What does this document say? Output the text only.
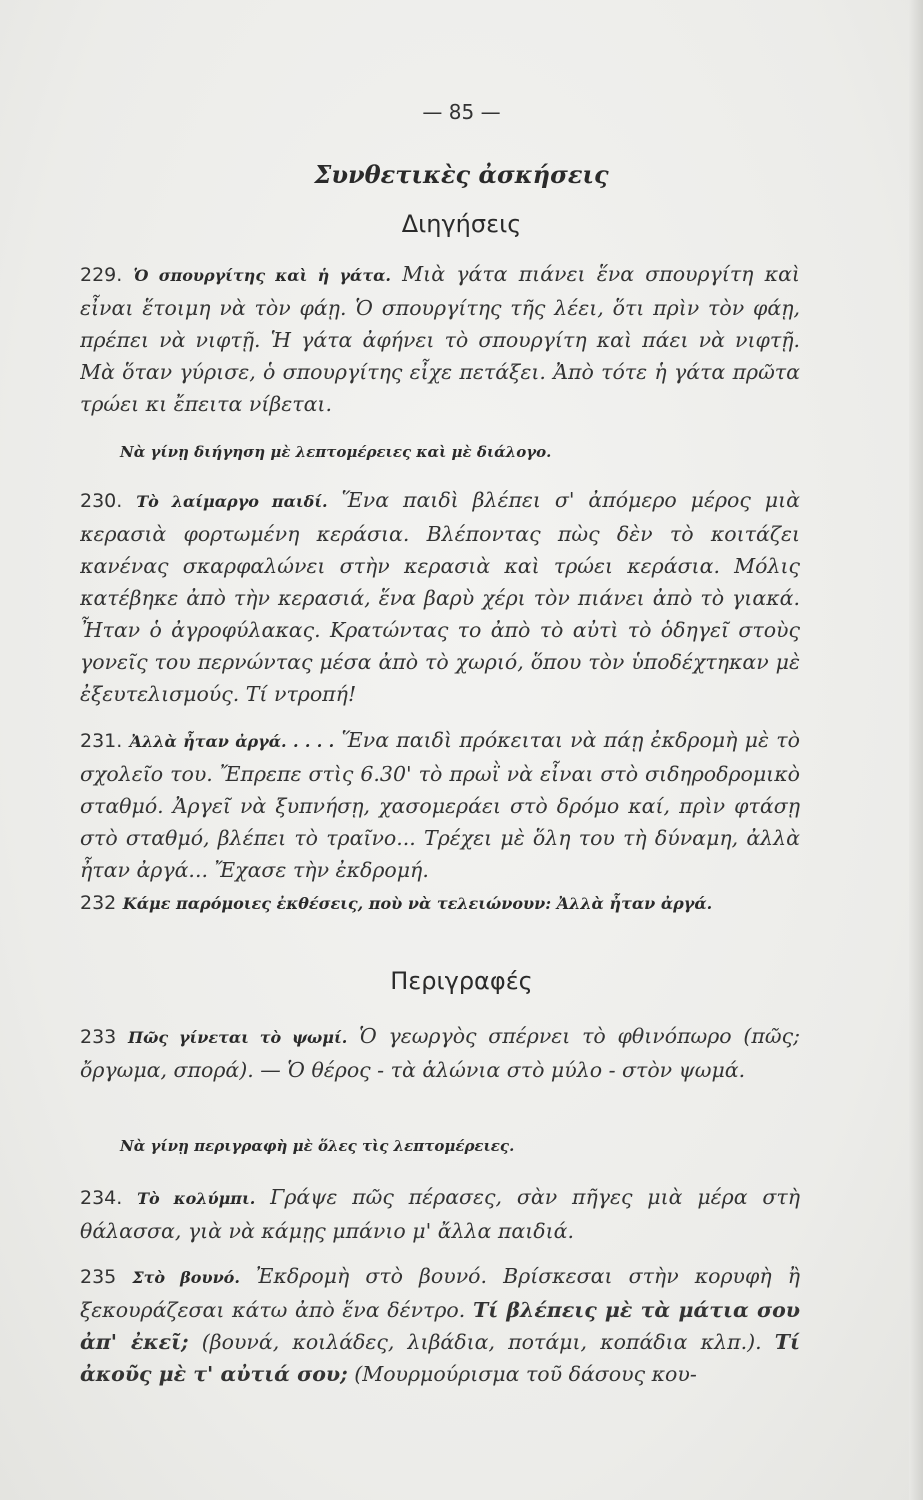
— 85 —
Συνθετικὲς ἀσκήσεις
Διηγήσεις
229. Ὁ σπουργίτης καὶ ἡ γάτα. Μιὰ γάτα πιάνει ἕνα σπουργίτη καὶ εἶναι ἕτοιμη νὰ τὸν φάῃ. Ὁ σπουργίτης τῆς λέει, ὅτι πρὶν τὸν φάῃ, πρέπει νὰ νιφτῇ. Ἡ γάτα ἀφήνει τὸ σπουργίτη καὶ πάει νὰ νιφτῇ. Μὰ ὅταν γύρισε, ὁ σπουργίτης εἶχε πετάξει. Ἀπὸ τότε ἡ γάτα πρῶτα τρώει κι ἔπειτα νίβεται.
Νὰ γίνῃ διήγηση μὲ λεπτομέρειες καὶ μὲ διάλογο.
230. Τὸ λαίμαργο παιδί. Ἕνα παιδὶ βλέπει σ' ἀπόμερο μέρος μιὰ κερασιὰ φορτωμένη κεράσια. Βλέποντας πὼς δὲν τὸ κοιτάζει κανένας σκαρφαλώνει στὴν κερασιὰ καὶ τρώει κεράσια. Μόλις κατέβηκε ἀπὸ τὴν κερασιά, ἕνα βαρὺ χέρι τὸν πιάνει ἀπὸ τὸ γιακά. Ἦταν ὁ ἀγροφύλακας. Κρατώντας το ἀπὸ τὸ αὐτὶ τὸ ὁδηγεῖ στοὺς γονεῖς του περνώντας μέσα ἀπὸ τὸ χωριό, ὅπου τὸν ὑποδέχτηκαν μὲ ἐξευτελισμούς. Τί ντροπή!
231. Ἀλλὰ ἦταν ἀργά. . . . . Ἕνα παιδὶ πρόκειται νὰ πάῃ ἐκδρομὴ μὲ τὸ σχολεῖο του. Ἔπρεπε στὶς 6.30' τὸ πρωῒ νὰ εἶναι στὸ σιδηροδρομικὸ σταθμό. Ἀργεῖ νὰ ξυπνήσῃ, χασομεράει στὸ δρόμο καί, πρὶν φτάσῃ στὸ σταθμό, βλέπει τὸ τραῖνο... Τρέχει μὲ ὅλη του τὴ δύναμη, ἀλλὰ ἦταν ἀργά... Ἔχασε τὴν ἐκδρομή.
232 Κάμε παρόμοιες ἐκθέσεις, ποὺ νὰ τελειώνουν: Ἀλλὰ ἦταν ἀργά.
Περιγραφές
233 Πῶς γίνεται τὸ ψωμί. Ὁ γεωργὸς σπέρνει τὸ φθινόπωρο (πῶς; ὄργωμα, σπορά). — Ὁ θέρος - τὰ ἁλώνια στὸ μύλο - στὸν ψωμά.
Νὰ γίνῃ περιγραφὴ μὲ ὅλες τὶς λεπτομέρειες.
234. Τὸ κολύμπι. Γράψε πῶς πέρασες, σὰν πῆγες μιὰ μέρα στὴ θάλασσα, γιὰ νὰ κάμῃς μπάνιο μ' ἄλλα παιδιά.
235 Στὸ βουνό. Ἐκδρομὴ στὸ βουνό. Βρίσκεσαι στὴν κορυφὴ ἢ ξεκουράζεσαι κάτω ἀπὸ ἕνα δέντρο. Τί βλέπεις μὲ τὰ μάτια σου ἀπ' ἐκεῖ; (βουνά, κοιλάδες, λιβάδια, ποτάμι, κοπάδια κλπ.). Τί ἀκοῦς μὲ τ' αὐτιά σου; (Μουρμούρισμα τοῦ δάσους κου-
